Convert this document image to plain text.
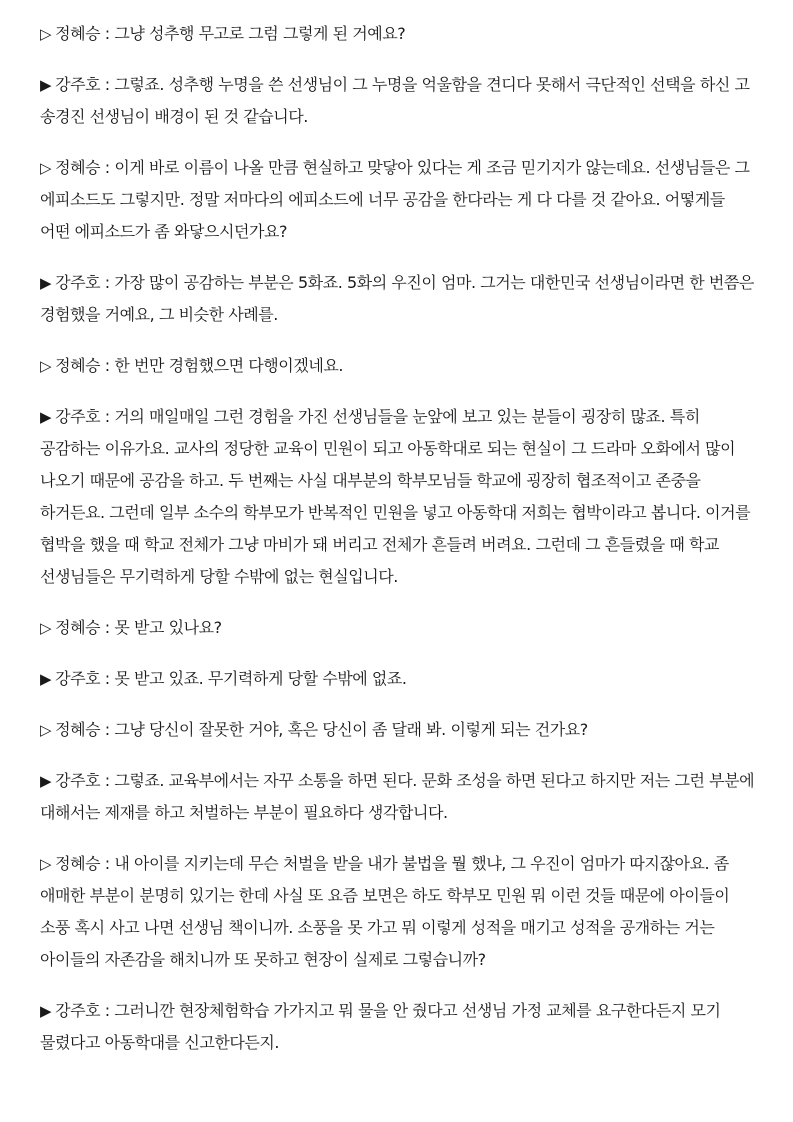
▷ 정혜승 : 그냥 성추행 무고로 그럼 그렇게 된 거예요?

▶ 강주호 : 그렇죠. 성추행 누명을 쓴 선생님이 그 누명을 억울함을 견디다 못해서 극단적인 선택을 하신 고 송경진 선생님이 배경이 된 것 같습니다.

▷ 정혜승 : 이게 바로 이름이 나올 만큼 현실하고 맞닿아 있다는 게 조금 믿기지가 않는데요. 선생님들은 그 에피소드도 그렇지만. 정말 저마다의 에피소드에 너무 공감을 한다라는 게 다 다를 것 같아요. 어떻게들 어떤 에피소드가 좀 와닿으시던가요?

▶ 강주호 : 가장 많이 공감하는 부분은 5화죠. 5화의 우진이 엄마. 그거는 대한민국 선생님이라면 한 번쯤은 경험했을 거예요, 그 비슷한 사례를.

▷ 정혜승 : 한 번만 경험했으면 다행이겠네요.

▶ 강주호 : 거의 매일매일 그런 경험을 가진 선생님들을 눈앞에 보고 있는 분들이 굉장히 많죠. 특히 공감하는 이유가요. 교사의 정당한 교육이 민원이 되고 아동학대로 되는 현실이 그 드라마 오화에서 많이 나오기 때문에 공감을 하고. 두 번째는 사실 대부분의 학부모님들 학교에 굉장히 협조적이고 존중을 하거든요. 그런데 일부 소수의 학부모가 반복적인 민원을 넣고 아동학대 저희는 협박이라고 봅니다. 이거를 협박을 했을 때 학교 전체가 그냥 마비가 돼 버리고 전체가 흔들려 버려요. 그런데 그 흔들렸을 때 학교 선생님들은 무기력하게 당할 수밖에 없는 현실입니다.

▷ 정혜승 : 못 받고 있나요?

▶ 강주호 : 못 받고 있죠. 무기력하게 당할 수밖에 없죠.

▷ 정혜승 : 그냥 당신이 잘못한 거야, 혹은 당신이 좀 달래 봐. 이렇게 되는 건가요?

▶ 강주호 : 그렇죠. 교육부에서는 자꾸 소통을 하면 된다. 문화 조성을 하면 된다고 하지만 저는 그런 부분에 대해서는 제재를 하고 처벌하는 부분이 필요하다 생각합니다.

▷ 정혜승 : 내 아이를 지키는데 무슨 처벌을 받을 내가 불법을 뭘 했냐, 그 우진이 엄마가 따지잖아요. 좀 애매한 부분이 분명히 있기는 한데 사실 또 요즘 보면은 하도 학부모 민원 뭐 이런 것들 때문에 아이들이 소풍 혹시 사고 나면 선생님 책이니까. 소풍을 못 가고 뭐 이렇게 성적을 매기고 성적을 공개하는 거는 아이들의 자존감을 해치니까 또 못하고 현장이 실제로 그렇습니까?

▶ 강주호 : 그러니깐 현장체험학습 가가지고 뭐 물을 안 줬다고 선생님 가정 교체를 요구한다든지 모기 물렸다고 아동학대를 신고한다든지.
